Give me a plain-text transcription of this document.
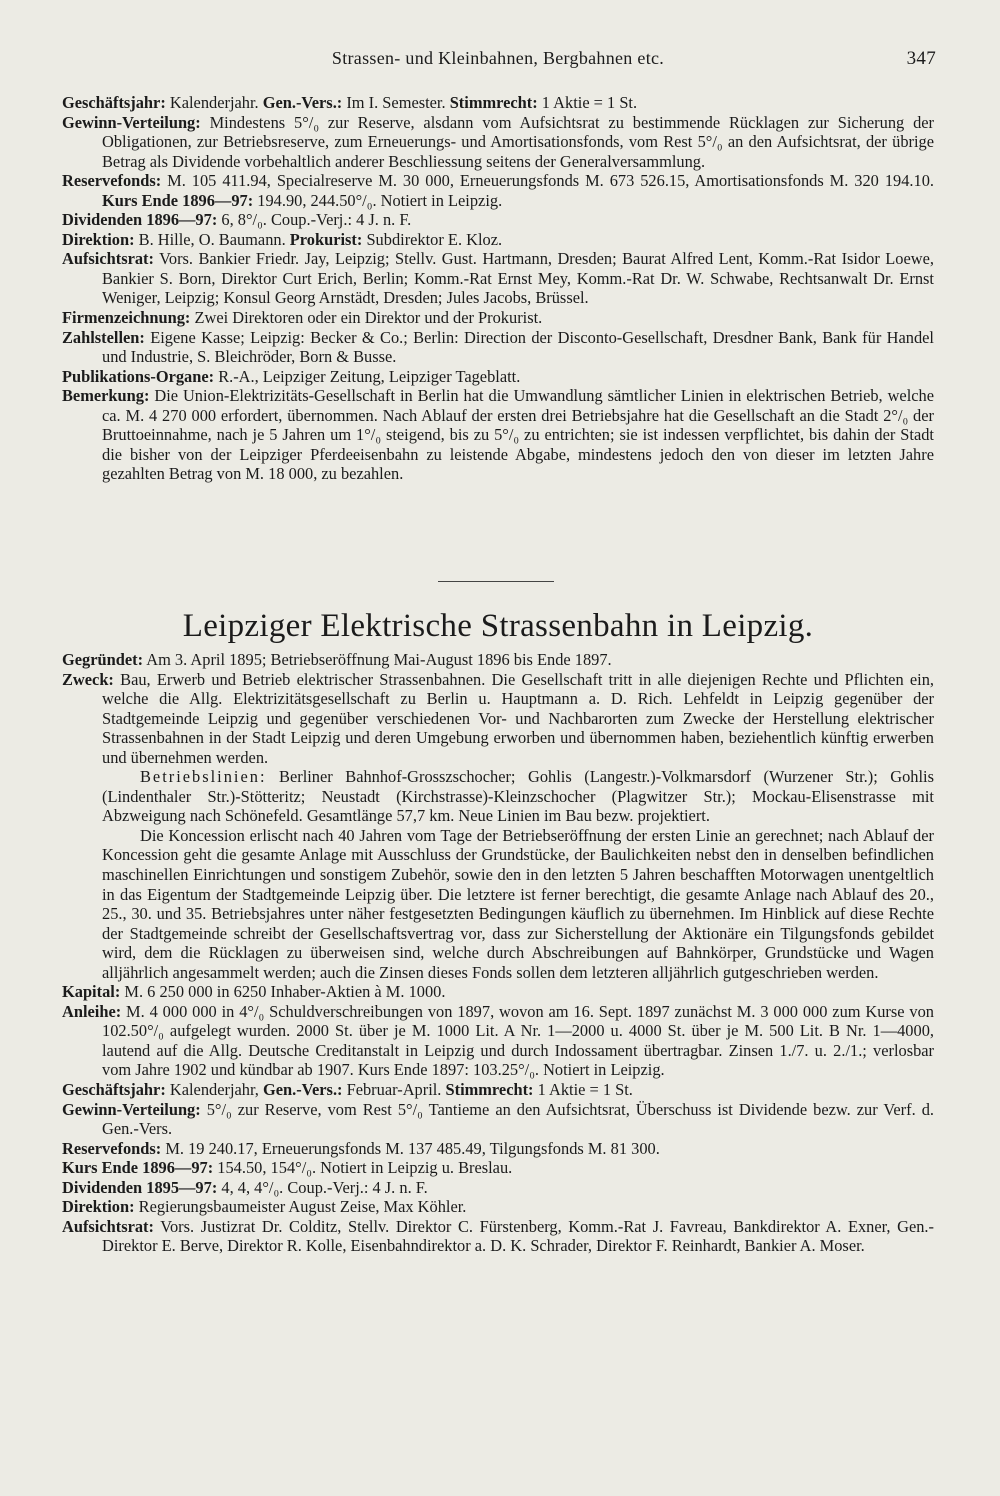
Strassen- und Kleinbahnen, Bergbahnen etc.	347
Geschäftsjahr: Kalenderjahr. Gen.-Vers.: Im I. Semester. Stimmrecht: 1 Aktie = 1 St.
Gewinn-Verteilung: Mindestens 5°/₀ zur Reserve, alsdann vom Aufsichtsrat zu bestimmende Rücklagen zur Sicherung der Obligationen, zur Betriebsreserve, zum Erneuerungs- und Amortisationsfonds, vom Rest 5°/₀ an den Aufsichtsrat, der übrige Betrag als Dividende vorbehaltlich anderer Beschliessung seitens der Generalversammlung.
Reservefonds: M. 105 411.94, Specialreserve M. 30 000, Erneuerungsfonds M. 673 526.15, Amortisationsfonds M. 320 194.10. Kurs Ende 1896—97: 194.90, 244.50°/₀. Notiert in Leipzig.
Dividenden 1896—97: 6, 8°/₀. Coup.-Verj.: 4 J. n. F.
Direktion: B. Hille, O. Baumann. Prokurist: Subdirektor E. Kloz.
Aufsichtsrat: Vors. Bankier Friedr. Jay, Leipzig; Stellv. Gust. Hartmann, Dresden; Baurat Alfred Lent, Komm.-Rat Isidor Loewe, Bankier S. Born, Direktor Curt Erich, Berlin; Komm.-Rat Ernst Mey, Komm.-Rat Dr. W. Schwabe, Rechtsanwalt Dr. Ernst Weniger, Leipzig; Konsul Georg Arnstädt, Dresden; Jules Jacobs, Brüssel.
Firmenzeichnung: Zwei Direktoren oder ein Direktor und der Prokurist.
Zahlstellen: Eigene Kasse; Leipzig: Becker & Co.; Berlin: Direction der Disconto-Gesellschaft, Dresdner Bank, Bank für Handel und Industrie, S. Bleichröder, Born & Busse.
Publikations-Organe: R.-A., Leipziger Zeitung, Leipziger Tageblatt.
Bemerkung: Die Union-Elektrizitäts-Gesellschaft in Berlin hat die Umwandlung sämtlicher Linien in elektrischen Betrieb, welche ca. M. 4 270 000 erfordert, übernommen. Nach Ablauf der ersten drei Betriebsjahre hat die Gesellschaft an die Stadt 2°/₀ der Bruttoeinnahme, nach je 5 Jahren um 1°/₀ steigend, bis zu 5°/₀ zu entrichten; sie ist indessen verpflichtet, bis dahin der Stadt die bisher von der Leipziger Pferdeeisenbahn zu leistende Abgabe, mindestens jedoch den von dieser im letzten Jahre gezahlten Betrag von M. 18 000, zu bezahlen.
Leipziger Elektrische Strassenbahn in Leipzig.
Gegründet: Am 3. April 1895; Betriebseröffnung Mai-August 1896 bis Ende 1897.
Zweck: Bau, Erwerb und Betrieb elektrischer Strassenbahnen. Die Gesellschaft tritt in alle diejenigen Rechte und Pflichten ein, welche die Allg. Elektrizitätsgesellschaft zu Berlin u. Hauptmann a. D. Rich. Lehfeldt in Leipzig gegenüber der Stadtgemeinde Leipzig und gegenüber verschiedenen Vor- und Nachbarorten zum Zwecke der Herstellung elektrischer Strassenbahnen in der Stadt Leipzig und deren Umgebung erworben und übernommen haben, beziehentlich künftig erwerben und übernehmen werden.
Betriebslinien: Berliner Bahnhof-Grosszschocher; Gohlis (Langestr.)-Volkmarsdorf (Wurzener Str.); Gohlis (Lindenthaler Str.)-Stötteritz; Neustadt (Kirchstrasse)-Kleinzschocher (Plagwitzer Str.); Mockau-Elisenstrasse mit Abzweigung nach Schönefeld. Gesamtlänge 57,7 km. Neue Linien im Bau bezw. projektiert.
Die Koncession erlischt nach 40 Jahren vom Tage der Betriebseröffnung der ersten Linie an gerechnet; nach Ablauf der Koncession geht die gesamte Anlage mit Ausschluss der Grundstücke, der Baulichkeiten nebst den in denselben befindlichen maschinellen Einrichtungen und sonstigem Zubehör, sowie den in den letzten 5 Jahren beschafften Motorwagen unentgeltlich in das Eigentum der Stadtgemeinde Leipzig über. Die letztere ist ferner berechtigt, die gesamte Anlage nach Ablauf des 20., 25., 30. und 35. Betriebsjahres unter näher festgesetzten Bedingungen käuflich zu übernehmen. Im Hinblick auf diese Rechte der Stadtgemeinde schreibt der Gesellschaftsvertrag vor, dass zur Sicherstellung der Aktionäre ein Tilgungsfonds gebildet wird, dem die Rücklagen zu überweisen sind, welche durch Abschreibungen auf Bahnkörper, Grundstücke und Wagen alljährlich angesammelt werden; auch die Zinsen dieses Fonds sollen dem letzteren alljährlich gutgeschrieben werden.
Kapital: M. 6 250 000 in 6250 Inhaber-Aktien à M. 1000.
Anleihe: M. 4 000 000 in 4°/₀ Schuldverschreibungen von 1897, wovon am 16. Sept. 1897 zunächst M. 3 000 000 zum Kurse von 102.50°/₀ aufgelegt wurden. 2000 St. über je M. 1000 Lit. A Nr. 1—2000 u. 4000 St. über je M. 500 Lit. B Nr. 1—4000, lautend auf die Allg. Deutsche Creditanstalt in Leipzig und durch Indossament übertragbar. Zinsen 1./7. u. 2./1.; verlosbar vom Jahre 1902 und kündbar ab 1907. Kurs Ende 1897: 103.25°/₀. Notiert in Leipzig.
Geschäftsjahr: Kalenderjahr, Gen.-Vers.: Februar-April. Stimmrecht: 1 Aktie = 1 St.
Gewinn-Verteilung: 5°/₀ zur Reserve, vom Rest 5°/₀ Tantieme an den Aufsichtsrat, Überschuss ist Dividende bezw. zur Verf. d. Gen.-Vers.
Reservefonds: M. 19 240.17, Erneuerungsfonds M. 137 485.49, Tilgungsfonds M. 81 300.
Kurs Ende 1896—97: 154.50, 154°/₀. Notiert in Leipzig u. Breslau.
Dividenden 1895—97: 4, 4, 4°/₀. Coup.-Verj.: 4 J. n. F.
Direktion: Regierungsbaumeister August Zeise, Max Köhler.
Aufsichtsrat: Vors. Justizrat Dr. Colditz, Stellv. Direktor C. Fürstenberg, Komm.-Rat J. Favreau, Bankdirektor A. Exner, Gen.-Direktor E. Berve, Direktor R. Kolle, Eisenbahndirektor a. D. K. Schrader, Direktor F. Reinhardt, Bankier A. Moser.
